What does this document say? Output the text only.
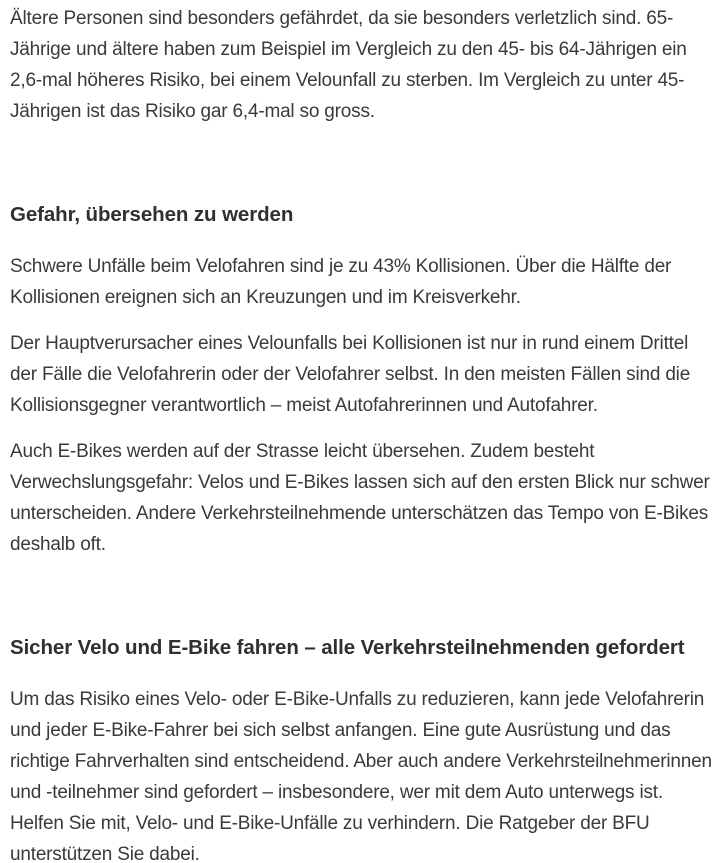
Ältere Personen sind besonders gefährdet, da sie besonders verletzlich sind. 65-Jährige und ältere haben zum Beispiel im Vergleich zu den 45- bis 64-Jährigen ein 2,6-mal höheres Risiko, bei einem Velounfall zu sterben. Im Vergleich zu unter 45-Jährigen ist das Risiko gar 6,4-mal so gross.

Gefahr, übersehen zu werden

Schwere Unfälle beim Velofahren sind je zu 43% Kollisionen. Über die Hälfte der Kollisionen ereignen sich an Kreuzungen und im Kreisverkehr.

Der Hauptverursacher eines Velounfalls bei Kollisionen ist nur in rund einem Drittel der Fälle die Velofahrerin oder der Velofahrer selbst. In den meisten Fällen sind die Kollisionsgegner verantwortlich – meist Autofahrerinnen und Autofahrer.

Auch E-Bikes werden auf der Strasse leicht übersehen. Zudem besteht Verwechslungsgefahr: Velos und E-Bikes lassen sich auf den ersten Blick nur schwer unterscheiden. Andere Verkehrsteilnehmende unterschätzen das Tempo von E-Bikes deshalb oft.

Sicher Velo und E-Bike fahren – alle Verkehrsteilnehmenden gefordert

Um das Risiko eines Velo- oder E-Bike-Unfalls zu reduzieren, kann jede Velofahrerin und jeder E-Bike-Fahrer bei sich selbst anfangen. Eine gute Ausrüstung und das richtige Fahrverhalten sind entscheidend. Aber auch andere Verkehrsteilnehmerinnen und -teilnehmer sind gefordert – insbesondere, wer mit dem Auto unterwegs ist. Helfen Sie mit, Velo- und E-Bike-Unfälle zu verhindern. Die Ratgeber der BFU unterstützen Sie dabei.
